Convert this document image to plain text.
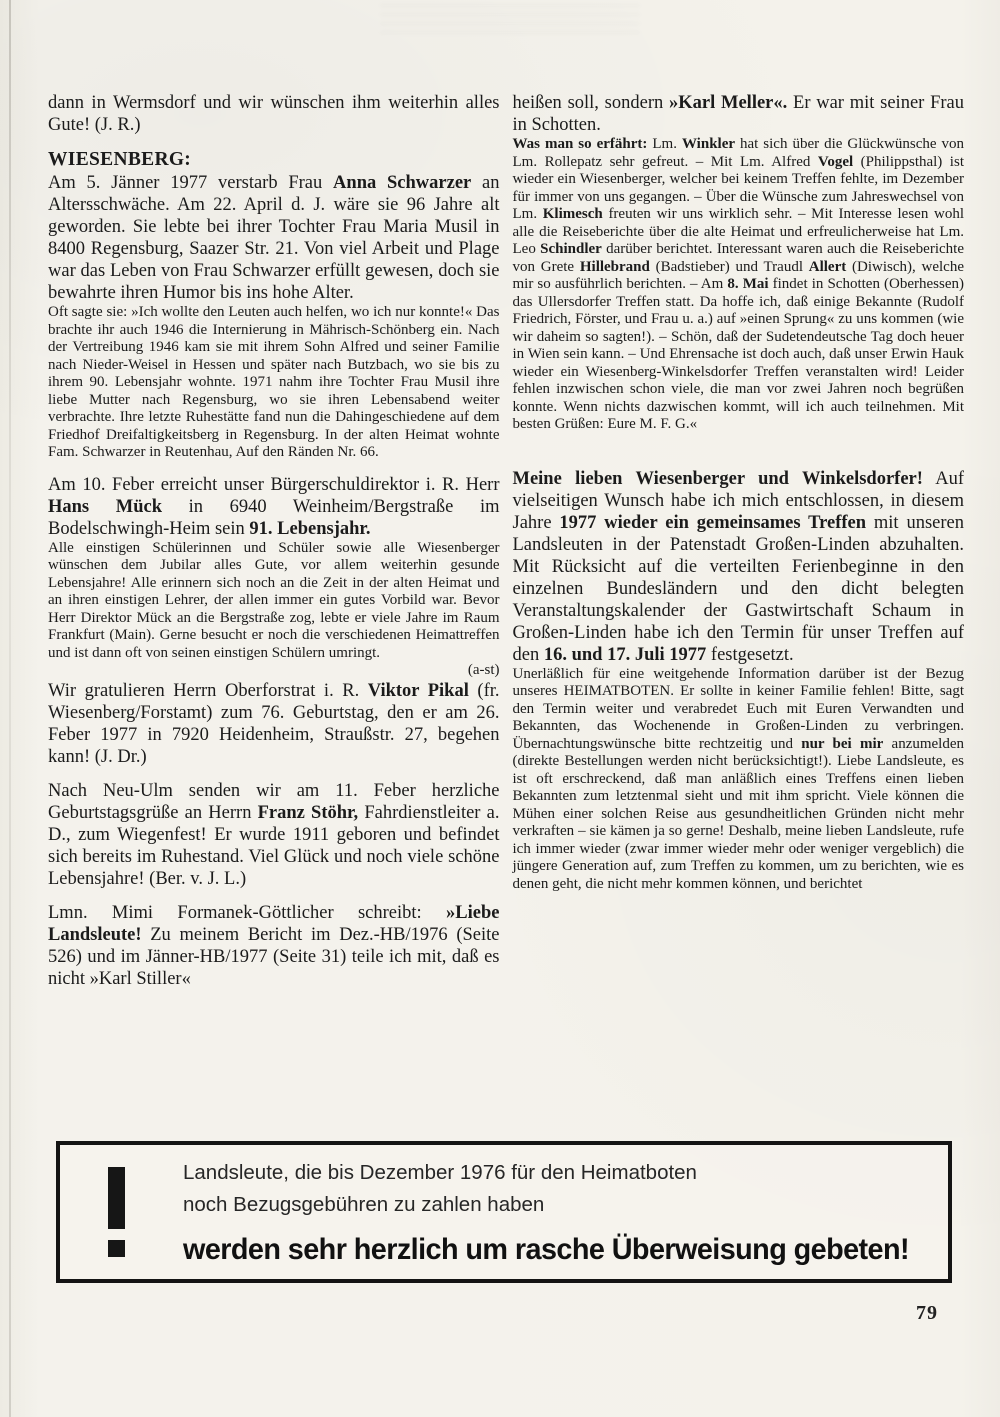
dann in Wermsdorf und wir wünschen ihm weiterhin alles Gute! (J. R.)

WIESENBERG:

Am 5. Jänner 1977 verstarb Frau Anna Schwarzer an Altersschwäche. Am 22. April d. J. wäre sie 96 Jahre alt geworden. Sie lebte bei ihrer Tochter Frau Maria Musil in 8400 Regensburg, Saazer Str. 21. Von viel Arbeit und Plage war das Leben von Frau Schwarzer erfüllt gewesen, doch sie bewahrte ihren Humor bis ins hohe Alter.

Oft sagte sie: »Ich wollte den Leuten auch helfen, wo ich nur konnte!« Das brachte ihr auch 1946 die Internierung in Mährisch-Schönberg ein. Nach der Vertreibung 1946 kam sie mit ihrem Sohn Alfred und seiner Familie nach Nieder-Weisel in Hessen und später nach Butzbach, wo sie bis zu ihrem 90. Lebensjahr wohnte. 1971 nahm ihre Tochter Frau Musil ihre liebe Mutter nach Regensburg, wo sie ihren Lebensabend weiter verbrachte. Ihre letzte Ruhestätte fand nun die Dahingeschiedene auf dem Friedhof Dreifaltigkeitsberg in Regensburg. In der alten Heimat wohnte Fam. Schwarzer in Reutenhau, Auf den Ränden Nr. 66.

Am 10. Feber erreicht unser Bürgerschuldirektor i. R. Herr Hans Mück in 6940 Weinheim/Bergstraße im Bodelschwingh-Heim sein 91. Lebensjahr.

Alle einstigen Schülerinnen und Schüler sowie alle Wiesenberger wünschen dem Jubilar alles Gute, vor allem weiterhin gesunde Lebensjahre! Alle erinnern sich noch an die Zeit in der alten Heimat und an ihren einstigen Lehrer, der allen immer ein gutes Vorbild war. Bevor Herr Direktor Mück an die Bergstraße zog, lebte er viele Jahre im Raum Frankfurt (Main). Gerne besucht er noch die verschiedenen Heimattreffen und ist dann oft von seinen einstigen Schülern umringt.

(a-st)

Wir gratulieren Herrn Oberforstrat i. R. Viktor Pikal (fr. Wiesenberg/Forstamt) zum 76. Geburtstag, den er am 26. Feber 1977 in 7920 Heidenheim, Straußstr. 27, begehen kann! (J. Dr.)

Nach Neu-Ulm senden wir am 11. Feber herzliche Geburtstagsgrüße an Herrn Franz Stöhr, Fahrdienstleiter a. D., zum Wiegenfest! Er wurde 1911 geboren und befindet sich bereits im Ruhestand. Viel Glück und noch viele schöne Lebensjahre! (Ber. v. J. L.)

Lmn. Mimi Formanek-Göttlicher schreibt: »Liebe Landsleute! Zu meinem Bericht im Dez.-HB/1976 (Seite 526) und im Jänner-HB/1977 (Seite 31) teile ich mit, daß es nicht »Karl Stiller«

heißen soll, sondern »Karl Meller«. Er war mit seiner Frau in Schotten.

Was man so erfährt: Lm. Winkler hat sich über die Glückwünsche von Lm. Rollepatz sehr gefreut. – Mit Lm. Alfred Vogel (Philippsthal) ist wieder ein Wiesenberger, welcher bei keinem Treffen fehlte, im Dezember für immer von uns gegangen. – Über die Wünsche zum Jahreswechsel von Lm. Klimesch freuten wir uns wirklich sehr. – Mit Interesse lesen wohl alle die Reiseberichte über die alte Heimat und erfreulicherweise hat Lm. Leo Schindler darüber berichtet. Interessant waren auch die Reiseberichte von Grete Hillebrand (Badstieber) und Traudl Allert (Diwisch), welche mir so ausführlich berichten. – Am 8. Mai findet in Schotten (Oberhessen) das Ullersdorfer Treffen statt. Da hoffe ich, daß einige Bekannte (Rudolf Friedrich, Förster, und Frau u. a.) auf »einen Sprung« zu uns kommen (wie wir daheim so sagten!). – Schön, daß der Sudetendeutsche Tag doch heuer in Wien sein kann. – Und Ehrensache ist doch auch, daß unser Erwin Hauk wieder ein Wiesenberg-Winkelsdorfer Treffen veranstalten wird! Leider fehlen inzwischen schon viele, die man vor zwei Jahren noch begrüßen konnte. Wenn nichts dazwischen kommt, will ich auch teilnehmen. Mit besten Grüßen: Eure M. F. G.«

Meine lieben Wiesenberger und Winkelsdorfer! Auf vielseitigen Wunsch habe ich mich entschlossen, in diesem Jahre 1977 wieder ein gemeinsames Treffen mit unseren Landsleuten in der Patenstadt Großen-Linden abzuhalten. Mit Rücksicht auf die verteilten Ferienbeginne in den einzelnen Bundesländern und den dicht belegten Veranstaltungskalender der Gastwirtschaft Schaum in Großen-Linden habe ich den Termin für unser Treffen auf den 16. und 17. Juli 1977 festgesetzt.

Unerläßlich für eine weitgehende Information darüber ist der Bezug unseres HEIMATBOTEN. Er sollte in keiner Familie fehlen! Bitte, sagt den Termin weiter und verabredet Euch mit Euren Verwandten und Bekannten, das Wochenende in Großen-Linden zu verbringen. Übernachtungswünsche bitte rechtzeitig und nur bei mir anzumelden (direkte Bestellungen werden nicht berücksichtigt!). Liebe Landsleute, es ist oft erschreckend, daß man anläßlich eines Treffens einen lieben Bekannten zum letztenmal sieht und mit ihm spricht. Viele können die Mühen einer solchen Reise aus gesundheitlichen Gründen nicht mehr verkraften – sie kämen ja so gerne! Deshalb, meine lieben Landsleute, rufe ich immer wieder (zwar immer wieder mehr oder weniger vergeblich) die jüngere Generation auf, zum Treffen zu kommen, um zu berichten, wie es denen geht, die nicht mehr kommen können, und berichtet

Landsleute, die bis Dezember 1976 für den Heimatboten
noch Bezugsgebühren zu zahlen haben
werden sehr herzlich um rasche Überweisung gebeten!
79
